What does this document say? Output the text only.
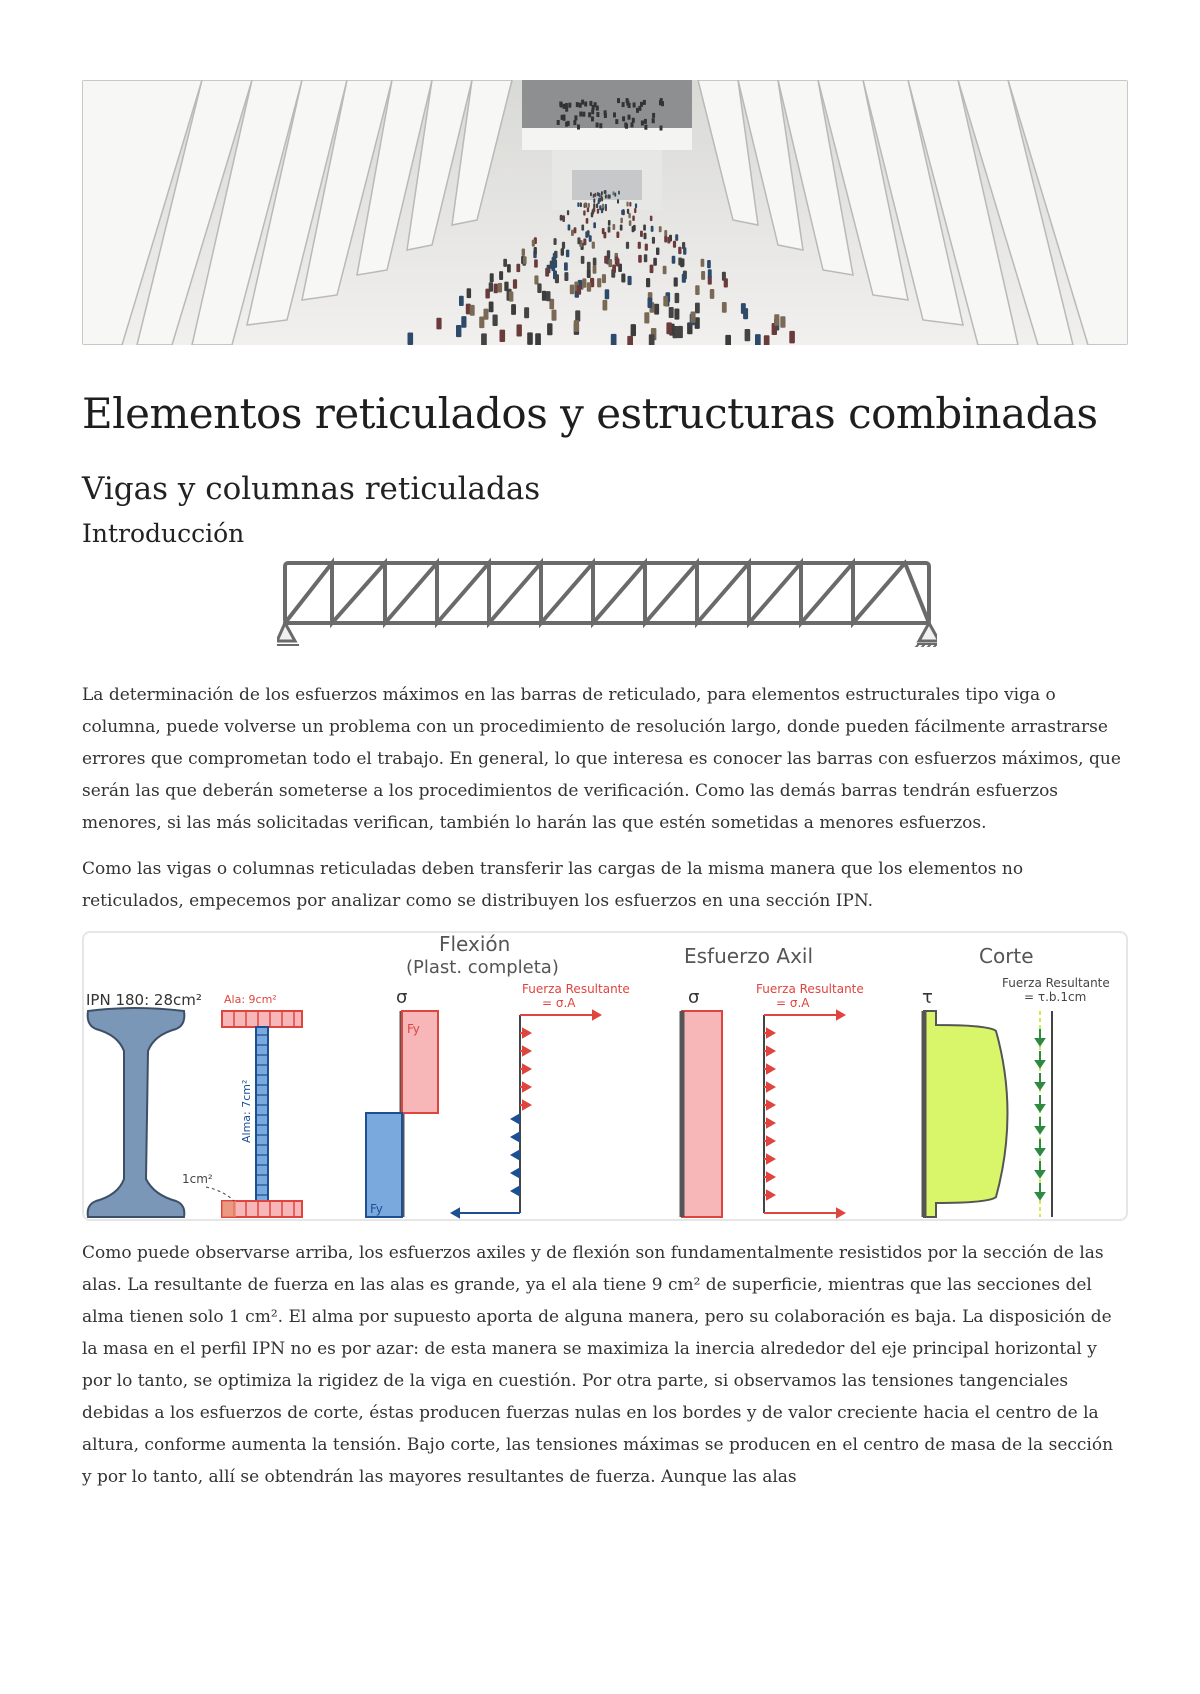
Elementos reticulados y estructuras combinadas
Vigas y columnas reticuladas
Introducción

La determinación de los esfuerzos máximos en las barras de reticulado, para elementos estructurales tipo viga o columna, puede volverse un problema con un procedimiento de resolución largo, donde pueden fácilmente arrastrarse errores que comprometan todo el trabajo. En general, lo que interesa es conocer las barras con esfuerzos máximos, que serán las que deberán someterse a los procedimientos de verificación. Como las demás barras tendrán esfuerzos menores, si las más solicitadas verifican, también lo harán las que estén sometidas a menores esfuerzos.

Como las vigas o columnas reticuladas deben transferir las cargas de la misma manera que los elementos no reticulados, empecemos por analizar como se distribuyen los esfuerzos en una sección IPN.

IPN 180: 28cm² Ala: 9cm²
Alma: 7cm²
1cm²
Flexión
(Plast. completa)
σ
Fy
Fy
Fuerza Resultante
= σ.A
Esfuerzo Axil
σ	Fuerza Resultante
= σ.A
Corte
τ
Fuerza Resultante
= τ.b.1cm

Como puede observarse arriba, los esfuerzos axiles y de flexión son fundamentalmente resistidos por la sección de las alas. La resultante de fuerza en las alas es grande, ya el ala tiene 9 cm² de superficie, mientras que las secciones del alma tienen solo 1 cm². El alma por supuesto aporta de alguna manera, pero su colaboración es baja. La disposición de la masa en el perfil IPN no es por azar: de esta manera se maximiza la inercia alrededor del eje principal horizontal y por lo tanto, se optimiza la rigidez de la viga en cuestión. Por otra parte, si observamos las tensiones tangenciales debidas a los esfuerzos de corte, éstas producen fuerzas nulas en los bordes y de valor creciente hacia el centro de la altura, conforme aumenta la tensión. Bajo corte, las tensiones máximas se producen en el centro de masa de la sección y por lo tanto, allí se obtendrán las mayores resultantes de fuerza. Aunque las alas
